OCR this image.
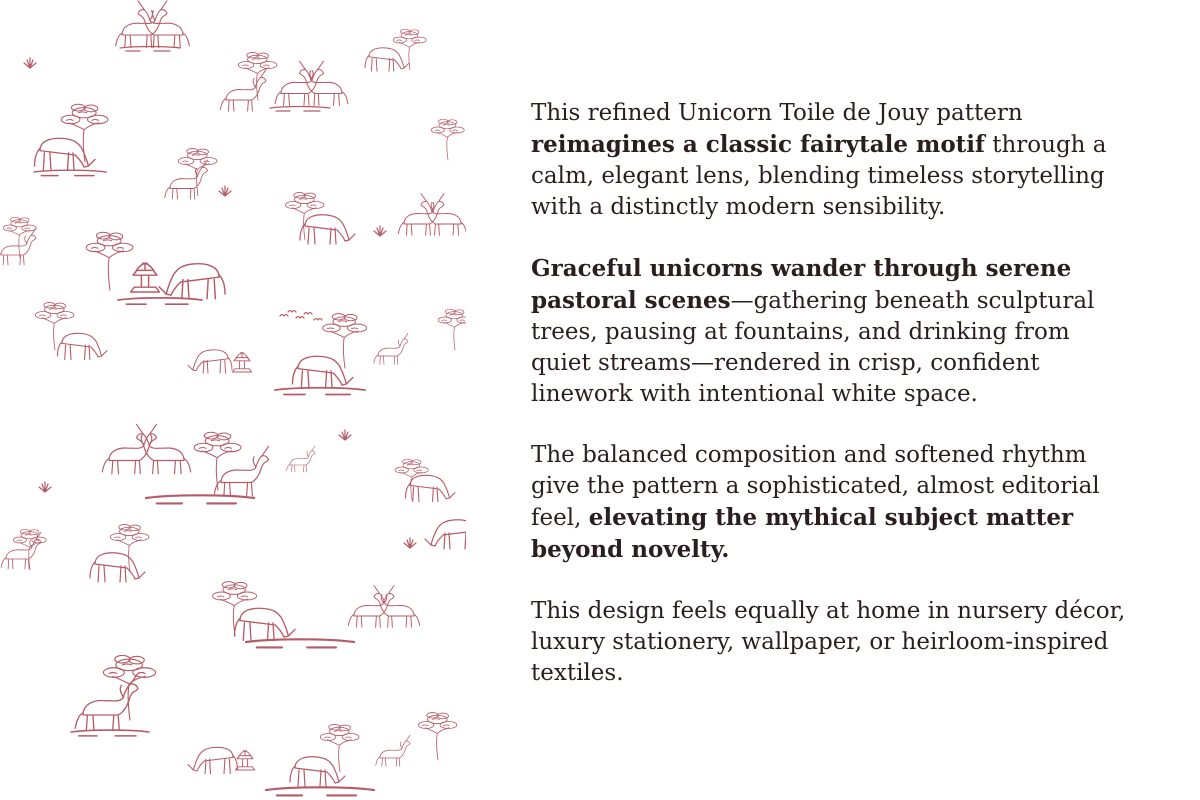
This refined Unicorn Toile de Jouy pattern reimagines a classic fairytale motif through a calm, elegant lens, blending timeless storytelling with a distinctly modern sensibility.

Graceful unicorns wander through serene pastoral scenes—gathering beneath sculptural trees, pausing at fountains, and drinking from quiet streams—rendered in crisp, confident linework with intentional white space.

The balanced composition and softened rhythm give the pattern a sophisticated, almost editorial feel, elevating the mythical subject matter beyond novelty.

This design feels equally at home in nursery décor, luxury stationery, wallpaper, or heirloom-inspired textiles.
